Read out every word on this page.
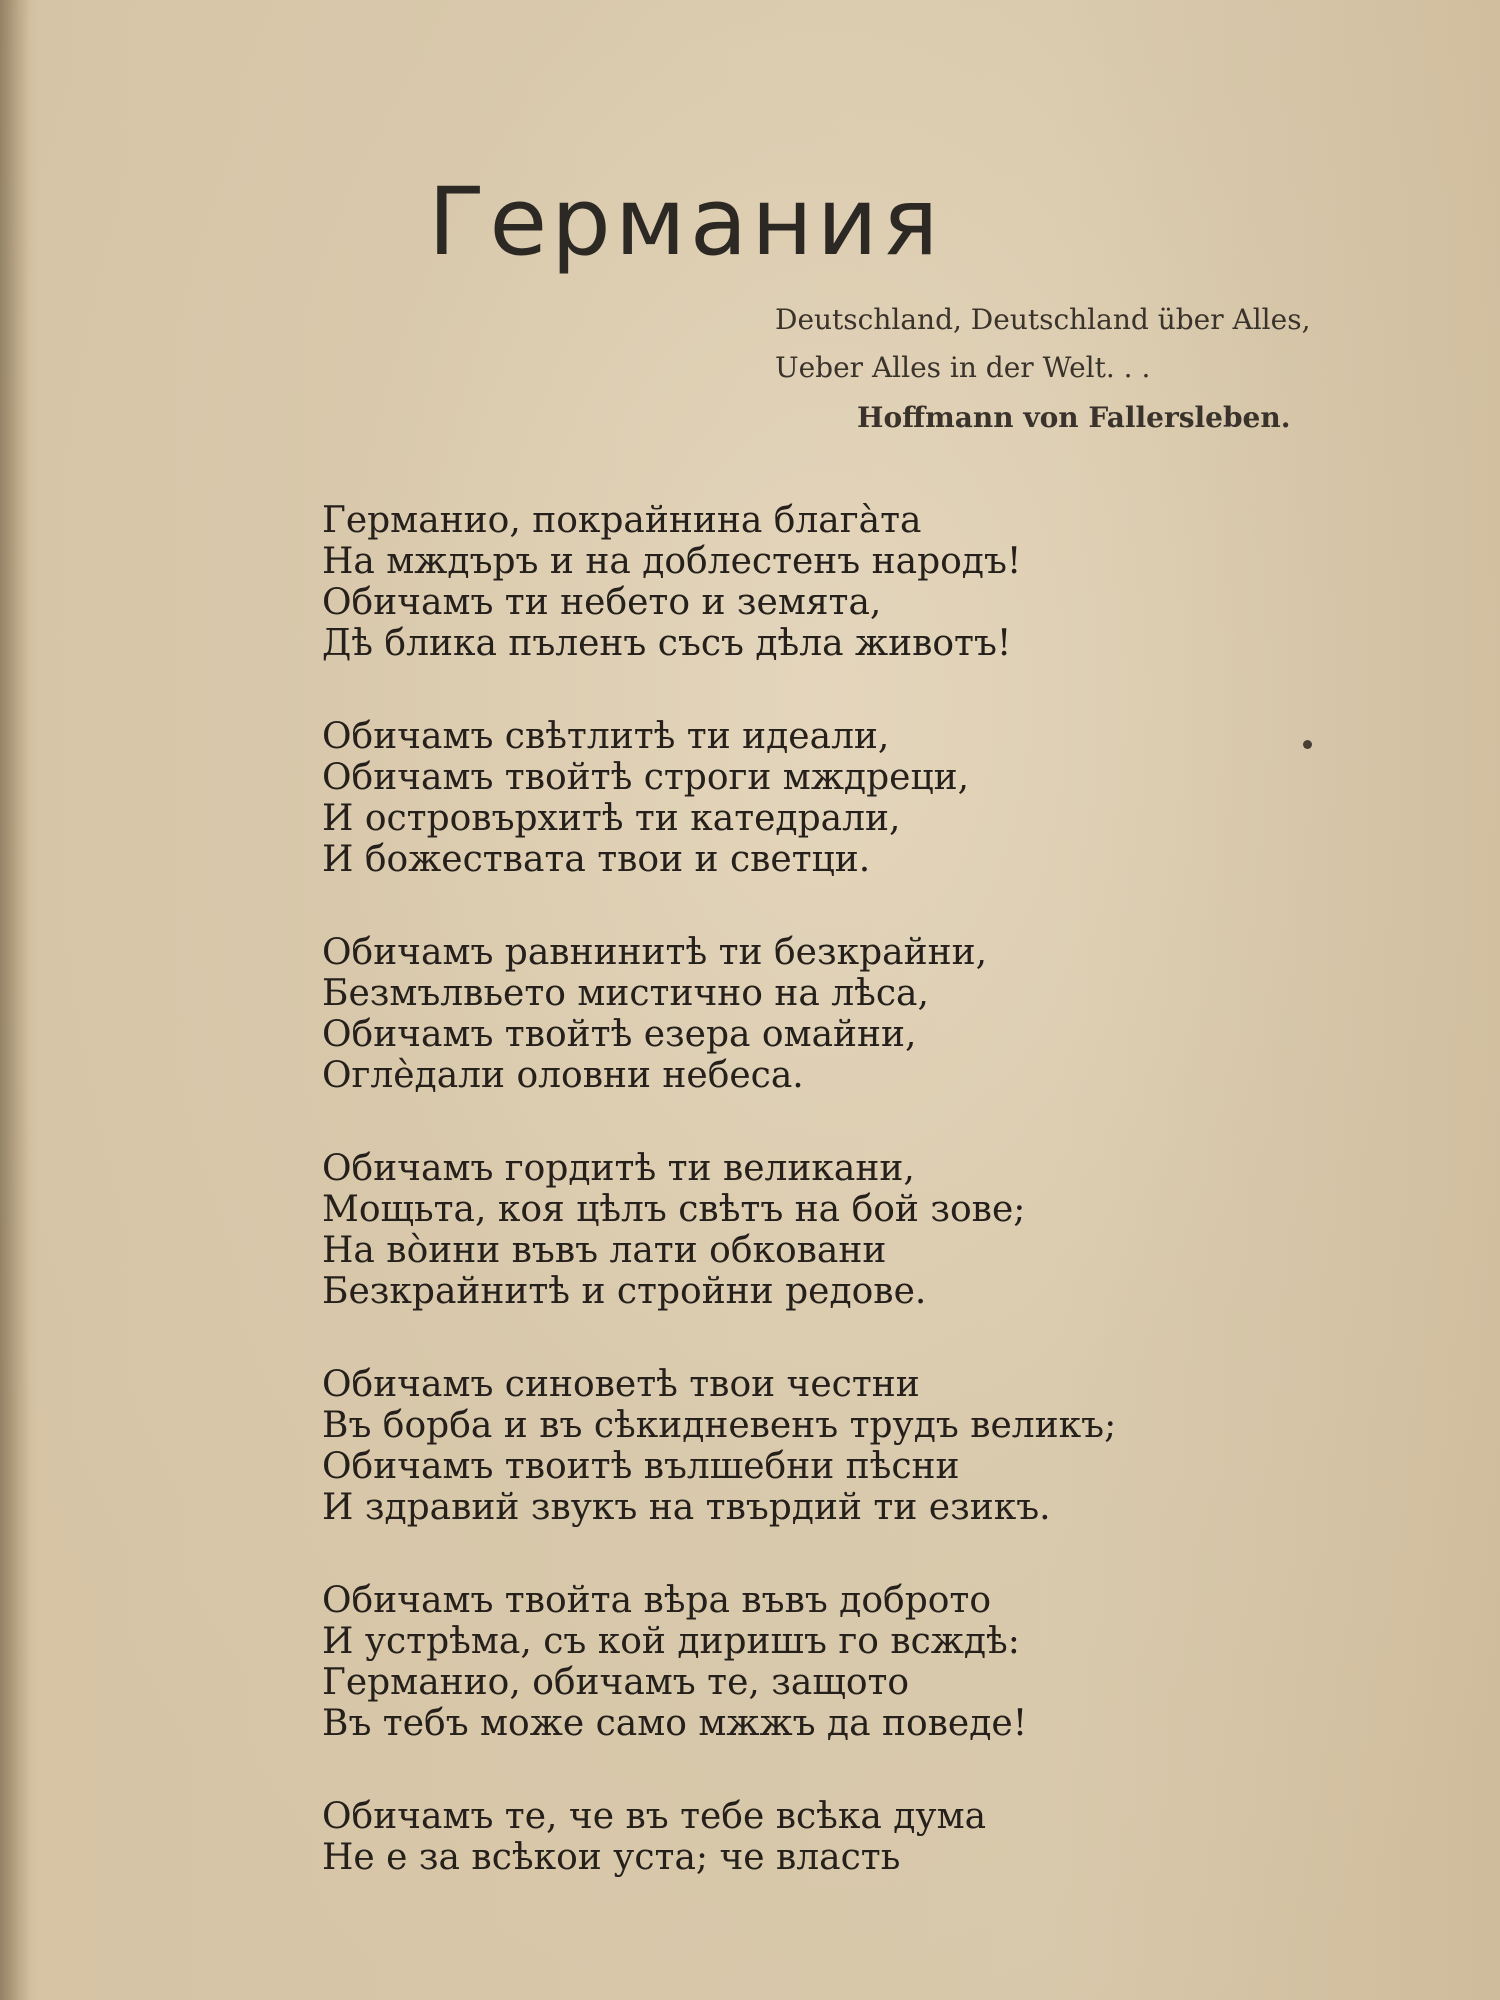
Германия
Deutschland, Deutschland über Alles,
Ueber Alles in der Welt. . .
Hoffmann von Fallersleben.
Германио, покрайнина благàта
На мждъръ и на доблестенъ народъ!
Обичамъ ти небето и земята,
Дѣ блика пъленъ съсъ дѣла животъ!
Обичамъ свѣтлитѣ ти идеали,
Обичамъ твойтѣ строги мждреци,
И островърхитѣ ти катедрали,
И божествата твои и светци.
Обичамъ равнинитѣ ти безкрайни,
Безмълвьето мистично на лѣса,
Обичамъ твойтѣ езера омайни,
Оглѐдали оловни небеса.
Обичамъ гордитѣ ти великани,
Мощьта, коя цѣлъ свѣтъ на бой зове;
На вòини въвъ лати обковани
Безкрайнитѣ и стройни редове.
Обичамъ синоветѣ твои честни
Въ борба и въ сѣкидневенъ трудъ великъ;
Обичамъ твоитѣ вълшебни пѣсни
И здравий звукъ на твърдий ти езикъ.
Обичамъ твойта вѣра въвъ доброто
И устрѣма, съ кой диришъ го всждѣ:
Германио, обичамъ те, защото
Въ тебъ може само мжжъ да поведе!
Обичамъ те, че въ тебе всѣка дума
Не е за всѣкои уста; че власть
